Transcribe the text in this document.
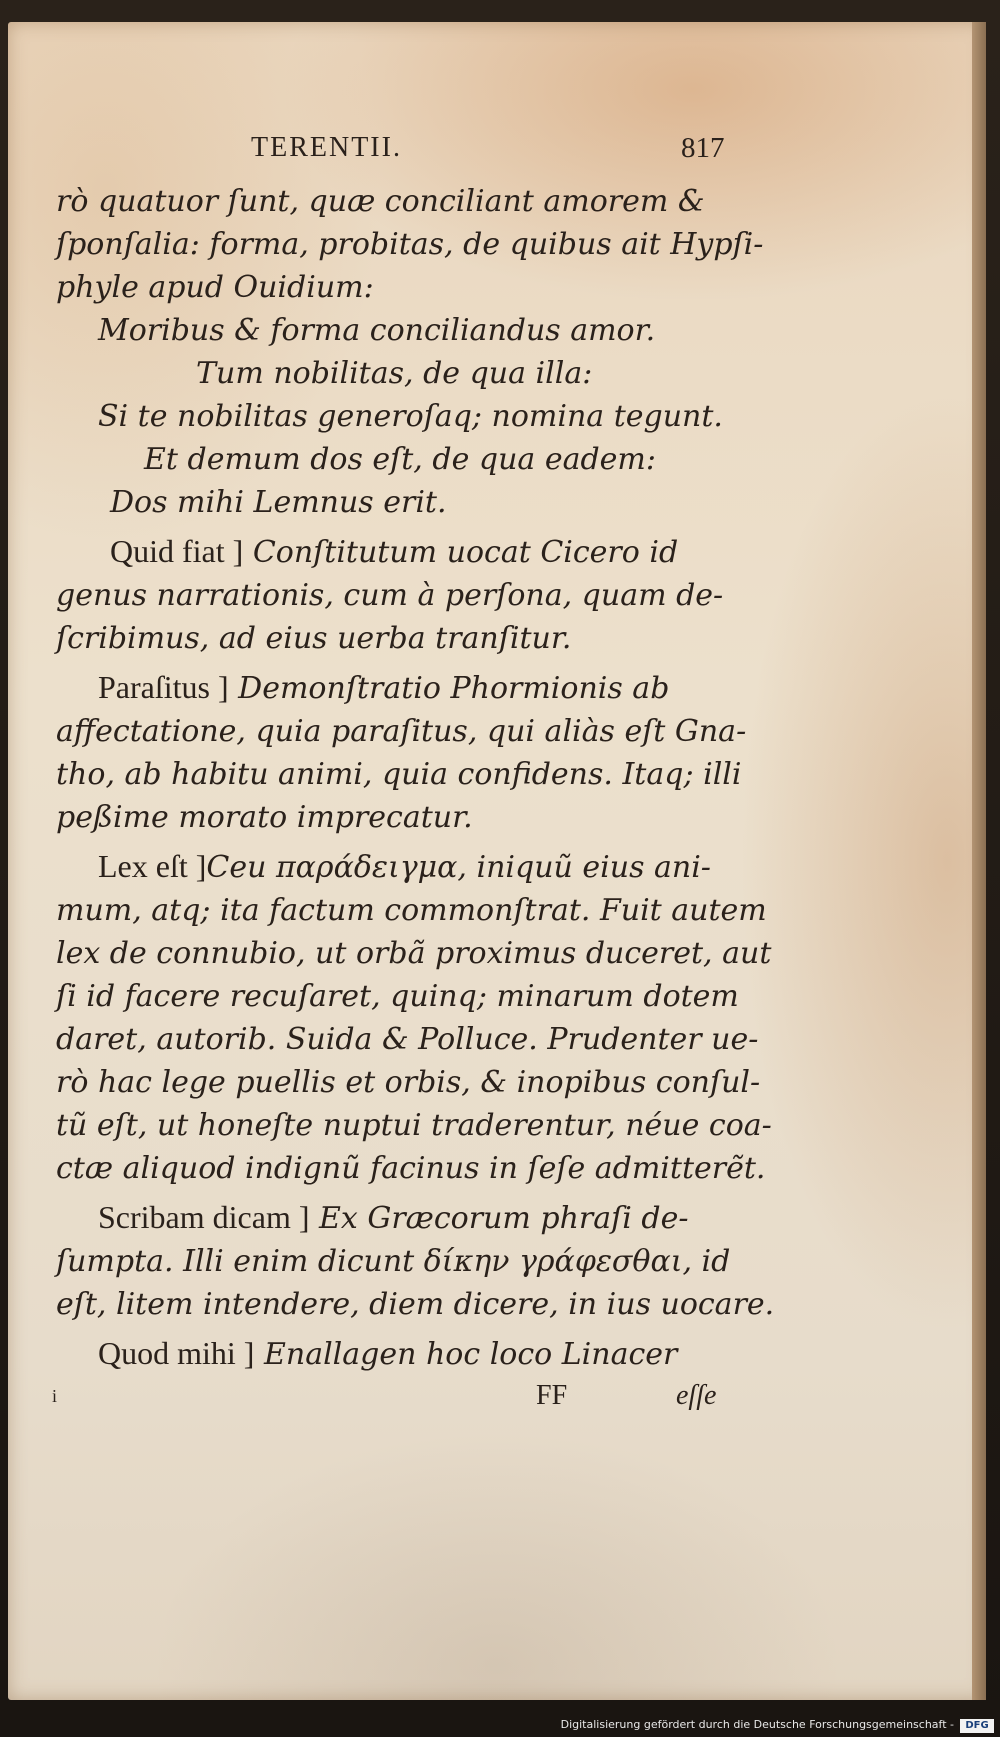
TERENTII.	817
rò quatuor ſunt, quæ conciliant amorem &
ſponſalia: forma, probitas, de quibus ait Hypſi-
phyle apud Ouidium:
Moribus & forma conciliandus amor.
Tum nobilitas, de qua illa:
Si te nobilitas generoſaq; nomina tegunt.
Et demum dos eſt, de qua eadem:
Dos mihi Lemnus erit.
Quid fiat ] Conſtitutum uocat Cicero id
genus narrationis, cum à perſona, quam de-
ſcribimus, ad eius uerba tranſitur.
Paraſitus ] Demonſtratio Phormionis ab
affectatione, quia paraſitus, qui aliàs eſt Gna-
tho, ab habitu animi, quia confidens. Itaq; illi
peßime morato imprecatur.
Lex eſt ]Ceu παράδειγμα, iniquũ eius ani-
mum, atq; ita factum commonſtrat. Fuit autem
lex de connubio, ut orbã proximus duceret, aut
ſi id facere recuſaret, quinq; minarum dotem
daret, autorib. Suida & Polluce. Prudenter ue-
rò hac lege puellis et orbis, & inopibus conſul-
tũ eſt, ut honeſte nuptui traderentur, néue coa-
ctæ aliquod indignũ facinus in ſeſe admitterẽt.
Scribam dicam ] Ex Græcorum phraſi de-
ſumpta. Illi enim dicunt δίκην γράφεσθαι, id
eſt, litem intendere, diem dicere, in ius uocare.
Quod mihi ] Enallagen hoc loco Linacer
i	FF	eſſe
Digitalisierung gefördert durch die Deutsche Forschungsgemeinschaft -	DFG
